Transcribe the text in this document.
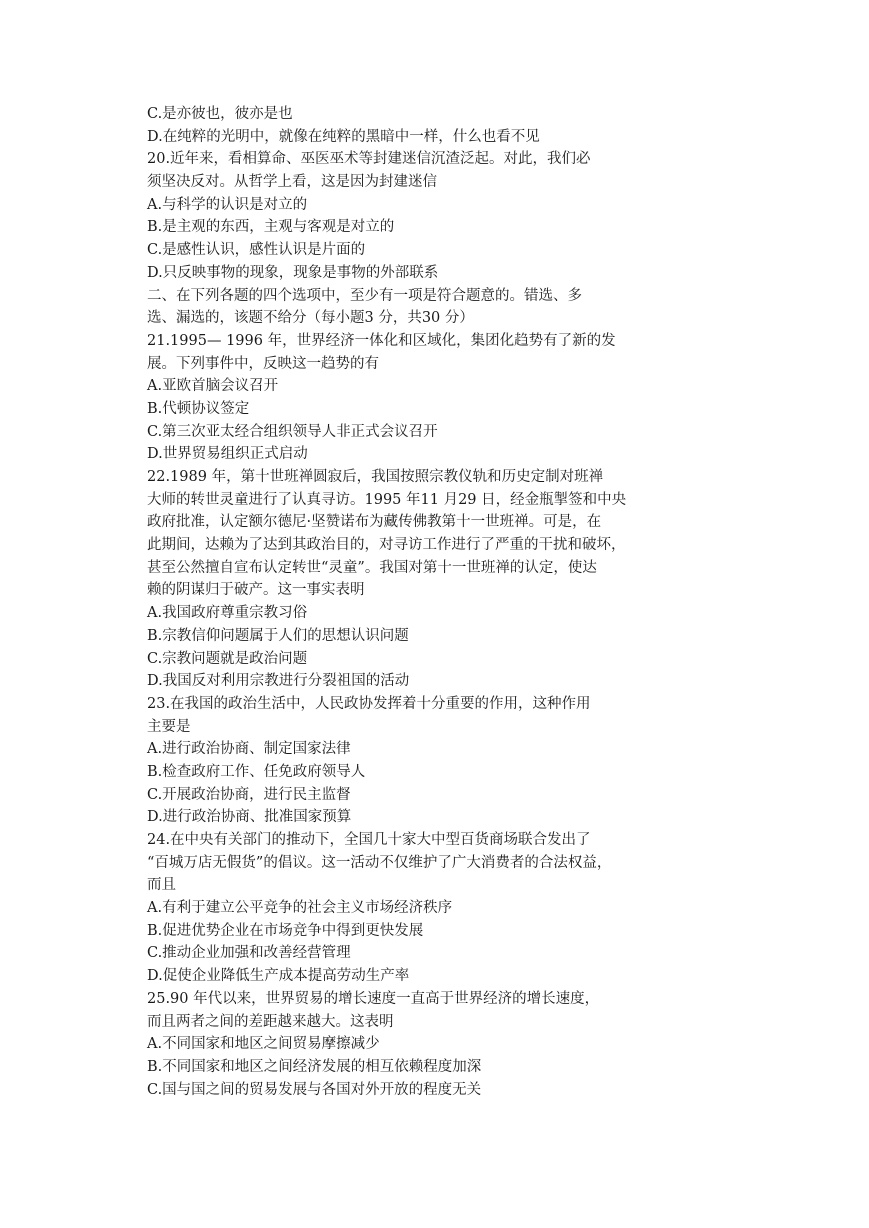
C.是亦彼也，彼亦是也

D.在纯粹的光明中，就像在纯粹的黑暗中一样，什么也看不见

20.近年来，看相算命、巫医巫术等封建迷信沉渣泛起。对此，我们必

须坚决反对。从哲学上看，这是因为封建迷信

A.与科学的认识是对立的

B.是主观的东西，主观与客观是对立的

C.是感性认识，感性认识是片面的

D.只反映事物的现象，现象是事物的外部联系

二、在下列各题的四个选项中，至少有一项是符合题意的。错选、多

选、漏选的，该题不给分（每小题3 分，共30 分）

21.1995— 1996 年，世界经济一体化和区域化，集团化趋势有了新的发

展。下列事件中，反映这一趋势的有

A.亚欧首脑会议召开

B.代顿协议签定

C.第三次亚太经合组织领导人非正式会议召开

D.世界贸易组织正式启动

22.1989 年，第十世班禅圆寂后，我国按照宗教仪轨和历史定制对班禅

大师的转世灵童进行了认真寻访。1995 年11 月29 日，经金瓶掣签和中央

政府批准，认定额尔德尼·坚赞诺布为藏传佛教第十一世班禅。可是，在

此期间，达赖为了达到其政治目的，对寻访工作进行了严重的干扰和破坏，

甚至公然擅自宣布认定转世“灵童”。我国对第十一世班禅的认定，使达

赖的阴谋归于破产。这一事实表明

A.我国政府尊重宗教习俗

B.宗教信仰问题属于人们的思想认识问题

C.宗教问题就是政治问题

D.我国反对利用宗教进行分裂祖国的活动

23.在我国的政治生活中，人民政协发挥着十分重要的作用，这种作用

主要是

A.进行政治协商、制定国家法律

B.检查政府工作、任免政府领导人

C.开展政治协商，进行民主监督

D.进行政治协商、批准国家预算

24.在中央有关部门的推动下，全国几十家大中型百货商场联合发出了

“百城万店无假货”的倡议。这一活动不仅维护了广大消费者的合法权益，

而且

A.有利于建立公平竞争的社会主义市场经济秩序

B.促进优势企业在市场竞争中得到更快发展

C.推动企业加强和改善经营管理

D.促使企业降低生产成本提高劳动生产率

25.90 年代以来，世界贸易的增长速度一直高于世界经济的增长速度，

而且两者之间的差距越来越大。这表明

A.不同国家和地区之间贸易摩擦减少

B.不同国家和地区之间经济发展的相互依赖程度加深

C.国与国之间的贸易发展与各国对外开放的程度无关
